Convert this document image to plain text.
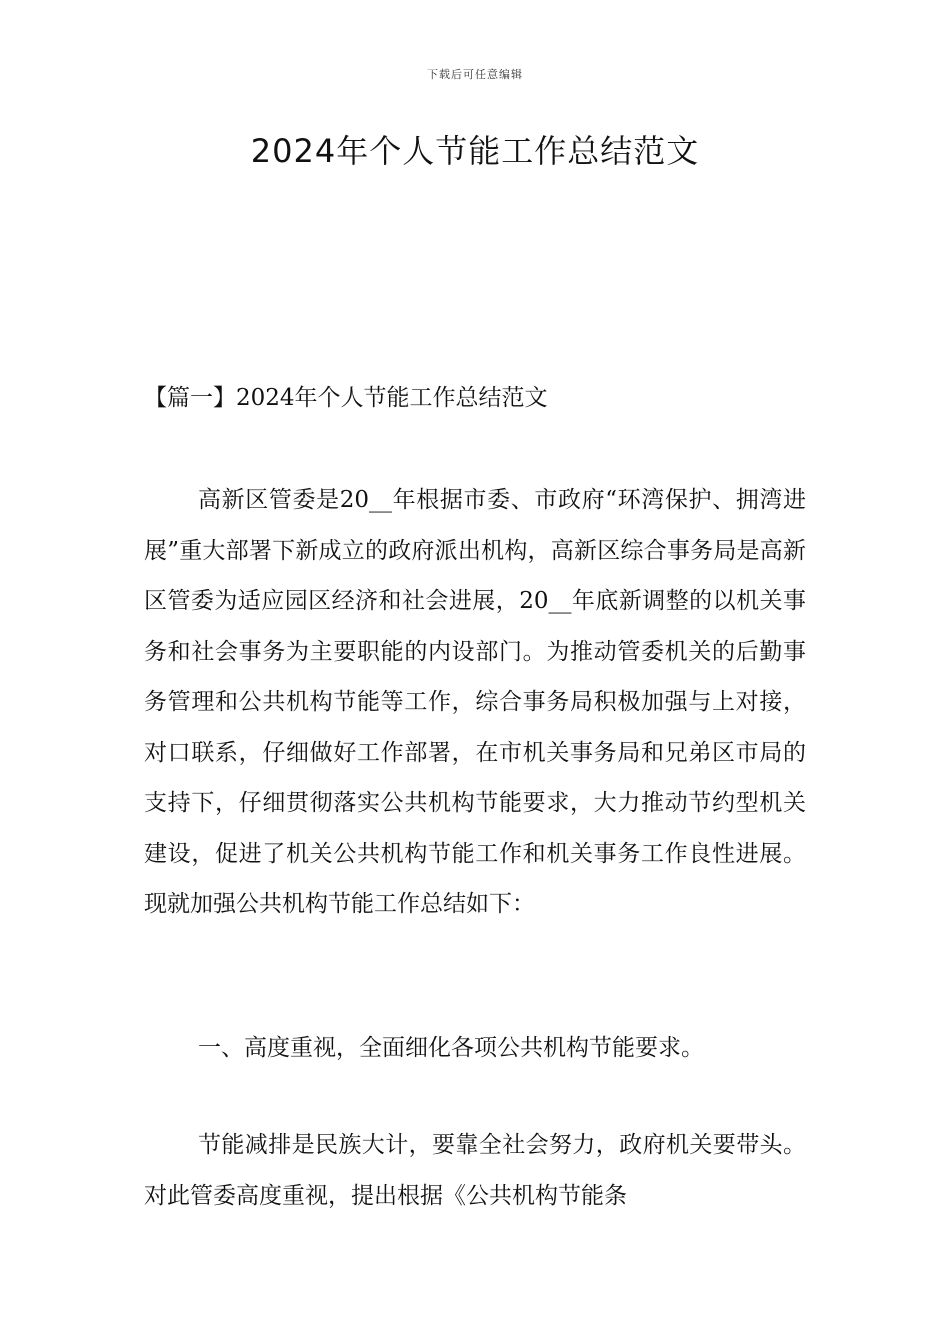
下载后可任意编辑
2024年个人节能工作总结范文
【篇一】2024年个人节能工作总结范文

高新区管委是20__年根据市委、市政府“环湾保护、拥湾进展”重大部署下新成立的政府派出机构，高新区综合事务局是高新区管委为适应园区经济和社会进展，20__年底新调整的以机关事务和社会事务为主要职能的内设部门。为推动管委机关的后勤事务管理和公共机构节能等工作，综合事务局积极加强与上对接，对口联系，仔细做好工作部署，在市机关事务局和兄弟区市局的支持下，仔细贯彻落实公共机构节能要求，大力推动节约型机关建设，促进了机关公共机构节能工作和机关事务工作良性进展。现就加强公共机构节能工作总结如下：

一、高度重视，全面细化各项公共机构节能要求。

节能减排是民族大计，要靠全社会努力，政府机关要带头。对此管委高度重视，提出根据《公共机构节能条
